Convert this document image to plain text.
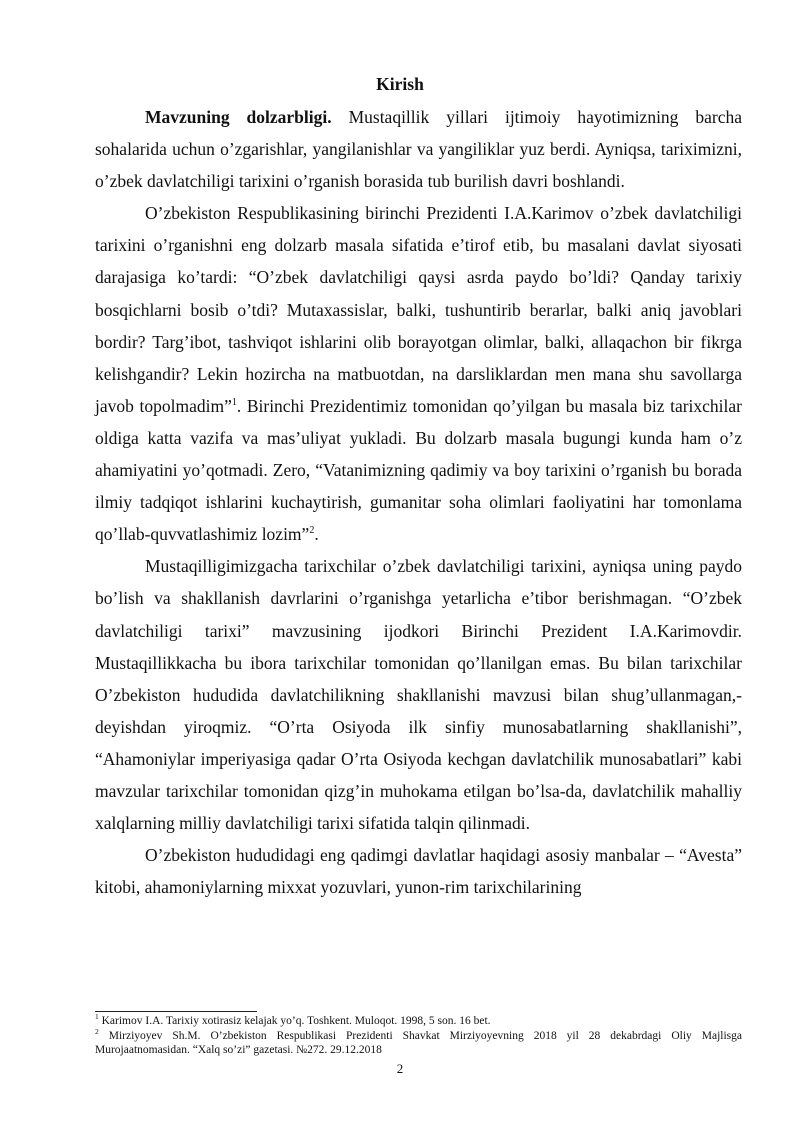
Kirish

Mavzuning dolzarbligi. Mustaqillik yillari ijtimoiy hayotimizning barcha sohalarida uchun o’zgarishlar, yangilanishlar va yangiliklar yuz berdi. Ayniqsa, tariximizni, o’zbek davlatchiligi tarixini o’rganish borasida tub burilish davri boshlandi.

O’zbekiston Respublikasining birinchi Prezidenti I.A.Karimov o’zbek davlatchiligi tarixini o’rganishni eng dolzarb masala sifatida e’tirof etib, bu masalani davlat siyosati darajasiga ko’tardi: “O’zbek davlatchiligi qaysi asrda paydo bo’ldi? Qanday tarixiy bosqichlarni bosib o’tdi? Mutaxassislar, balki, tushuntirib berarlar, balki aniq javoblari bordir? Targ’ibot, tashviqot ishlarini olib borayotgan olimlar, balki, allaqachon bir fikrga kelishgandir? Lekin hozircha na matbuotdan, na darsliklardan men mana shu savollarga javob topolmadim”$^1$. Birinchi Prezidentimiz tomonidan qo’yilgan bu masala biz tarixchilar oldiga katta vazifa va mas’uliyat yukladi. Bu dolzarb masala bugungi kunda ham o’z ahamiyatini yo’qotmadi. Zero, “Vatanimizning qadimiy va boy tarixini o’rganish bu borada ilmiy tadqiqot ishlarini kuchaytirish, gumanitar soha olimlari faoliyatini har tomonlama qo’llab-quvvatlashimiz lozim”$^2$.

Mustaqilligimizgacha tarixchilar o’zbek davlatchiligi tarixini, ayniqsa uning paydo bo’lish va shakllanish davrlarini o’rganishga yetarlicha e’tibor berishmagan. “O’zbek davlatchiligi tarixi” mavzusining ijodkori Birinchi Prezident I.A.Karimovdir. Mustaqillikkacha bu ibora tarixchilar tomonidan qo’llanilgan emas. Bu bilan tarixchilar O’zbekiston hududida davlatchilikning shakllanishi mavzusi bilan shug’ullanmagan,- deyishdan yiroqmiz. “O’rta Osiyoda ilk sinfiy munosabatlarning shakllanishi”, “Ahamoniylar imperiyasiga qadar O’rta Osiyoda kechgan davlatchilik munosabatlari” kabi mavzular tarixchilar tomonidan qizg’in muhokama etilgan bo’lsa-da, davlatchilik mahalliy xalqlarning milliy davlatchiligi tarixi sifatida talqin qilinmadi.

O’zbekiston hududidagi eng qadimgi davlatlar haqidagi asosiy manbalar – “Avesta” kitobi, ahamoniylarning mixxat yozuvlari, yunon-rim tarixchilarining

$^1$ Karimov I.A. Tarixiy xotirasiz kelajak yo’q. Toshkent. Muloqot. 1998, 5 son. 16 bet.

$^2$ Mirziyoyev Sh.M. O’zbekiston Respublikasi Prezidenti Shavkat Mirziyoyevning 2018 yil 28 dekabrdagi Oliy Majlisga Murojaatnomasidan. “Xalq so’zi” gazetasi. №272. 29.12.2018

2
